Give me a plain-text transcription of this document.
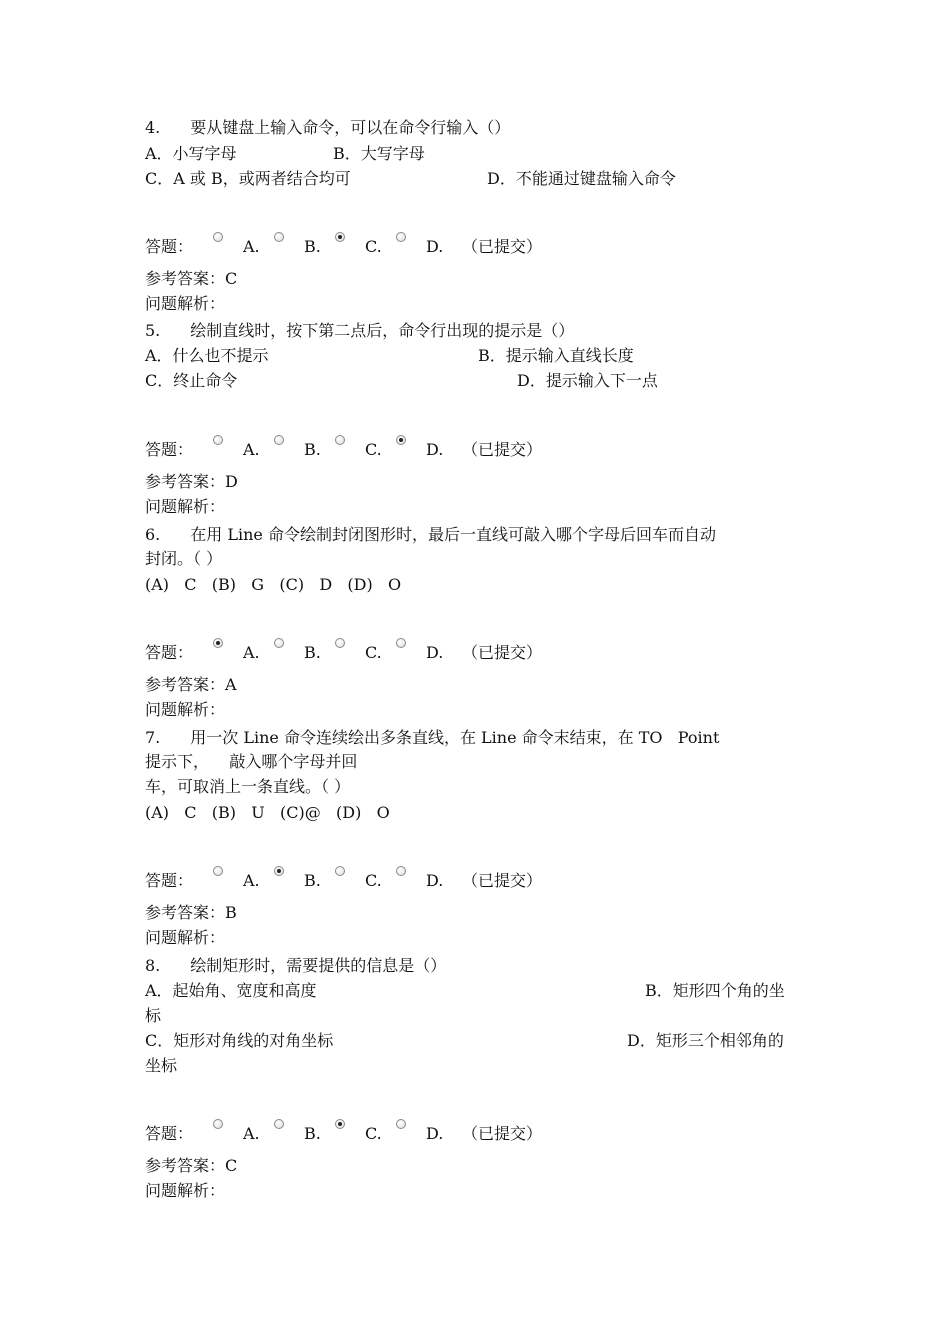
4. 要从键盘上输入命令，可以在命令行输入（）
A．小写字母	B．大写字母
C．A 或 B，或两者结合均可	D．不能通过键盘输入命令
答题：	A.	B.	C.	D. （已提交）
参考答案：C
问题解析：
5. 绘制直线时，按下第二点后，命令行出现的提示是（）
A．什么也不提示	B．提示输入直线长度
C．终止命令	D．提示输入下一点
答题：	A.	B.	C.	D. （已提交）
参考答案：D
问题解析：
6. 在用 Line 命令绘制封闭图形时，最后一直线可敲入哪个字母后回车而自动
封闭。（ ）
(A)   C   (B)   G   (C)   D   (D)   O
答题：	A.	B.	C.	D. （已提交）
参考答案：A
问题解析：
7. 用一次 Line 命令连续绘出多条直线，在 Line 命令末结束，在 TO   Point
提示下，    敲入哪个字母并回
车，可取消上一条直线。（ ）
(A)   C   (B)   U   (C)@   (D)   O
答题：	A.	B.	C.	D. （已提交）
参考答案：B
问题解析：
8. 绘制矩形时，需要提供的信息是（）
A．起始角、宽度和高度	B．矩形四个角的坐
标
C．矩形对角线的对角坐标	D．矩形三个相邻角的
坐标
答题：	A.	B.	C.	D. （已提交）
参考答案：C
问题解析：
